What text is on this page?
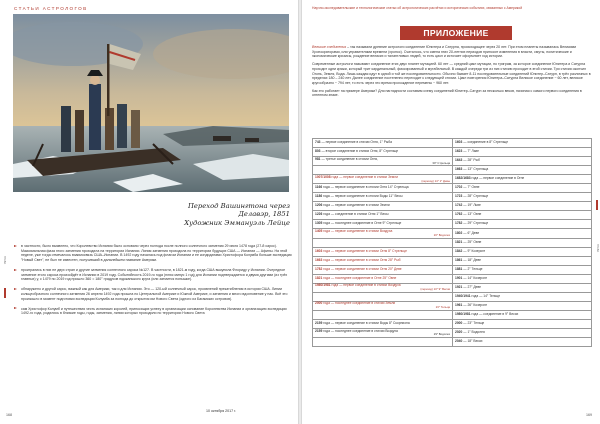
СТАТЬИ АСТРОЛОГОВ
Переход Вашингтона через Делавэр, 1851
Художник Эммануэль Лейце
в частности, было выявлено, что Королевство Испания было основано через полгода после полного солнечного затмения 29 июля 1478 года (27-й сарос). Максимальная фаза этого затмения проходила на территории Испании. Линия затмения проходила по территории будущих США — Испании — Афины. На этой неделе, уже тогда отмечалось взаимосвязь США–Испании. В 1492 году началась под флагом Испании и ее кондидатами Христофора Колумба больше экспедиция "Новый Свет", не был не известен, получивший в дальнейшем название Америки.
проигрались в них не двух стран и другие затмения солнечного сароса №127. В частности, в 1821-м году, когда США выкупила Флориду у Испании. Очередное затмение этого сароса произойдёт в Испании в 2019 году. Событийность 2019-го года (плюс минус 1 год) для Испании подтверждается и двумя другими (из трёх главных) у, с 1479 по 2019 год прошло 360 = 180° градусов юдоканыкого круга (или затмится попышке).
обнаружено и другой сарос, важный как для Америки, так и для Испании. Это — 120-ый солнечный сарос, проявлений прекатибления в истории США. Линии кольцеобразного солнечного затмения 26 апреля 1492 года прошла по Центральной Америке и Южной Америке, и затмения и много вдохновение у нас. Всё это произошло в момент подготовки экспедиции Колумба за полгода до открытия им Нового Света (одного из Багамских островов).
сам Христофор Колумб и путешествия честь испанских королей, приносящих успеху в организации основание Королевства Испании и организацию экспедиции 1492-го года, родились в близкие годы, годы, затмения, линии которых проходили по территории Нового Света
ГЛАВА
10 октября 2017 г.
168
Научно-исследовательские и технологические статьи об астрологических расчётах и исторических событиях, связанных с Америкой
ПРИЛОЖЕНИЕ
Великие соединения – так называли древние астрологи соединение Юпитера и Сатурна, происходящее через 20 лет. При этом планеты называлась Великими Хронократорами, или управителями времени (хронос). Считалось, что смена этих 20-летних периодов приносит изменения в власти, смуты, политические и экономические кризисы, рождение великих и талантливых людей, то есть цикл и источает оформляет ход истории.
Современные астрологи называют соединение этих двух планет мутацией. 60 лет — средний цикл мутации, по триграм, за которое соединение Юпитера и Сатурна проходит одни кряжи, который трит кардинальный, фиксированный и мутабельный. В каждой очереди три из них стихию проходит в этой стихии. Три стихия окончил Огонь, Земля, Вода. Лишь каждая идут в одной и той же последовательности. Обычно бывает 8-11 последовательные соединений Юпитер–Сатурн, в трёх различных в пределах 180 – 240 лет. Далее соединение постепенно переходит к следующей стихии. Цикл повторения Юпитера–Сатурна Великое соединение ~ 60 лет, великое кругообразно ~ 794 лет, то есть через это время прохождение перемены ~ 960 лет.
Как это работает на примере Америки? Для наглядности составим схему соединений Юпитер–Сатурн за несколько веков, начиная с самого первого соединения в огненном знаке.
743 — первое соединение в стихии Огня, 1° Рыба	1603 — соединение в 8° Стрельце
803 — второе соединение в стихии Огня, 8° Стрельце	1623 — 7° Льве
981 — третье соединение в стихии Огня,
30° Стрельца	1643 — 28° Рыб
	1663 — 13° Стрельца
1007/1008 года — первое соединение в стихии Земли
(переход) 14° 1° Девы	1682/1683 года — первое соединение в Огне
1166 года — первое соединение в стихии Огня 14° Стрельца	1702 — 7° Овне
1186 года — первое соединение в стихии Воды 11° Весы	1723 — 28° Стрельце
1206 года — первое соединение в стихии Земли	1742 — 19° Льве
1226 года — соединение в стихии Огня 1° Весы	1762 — 13° Овне
1305 года — последнее соединение в Огне 9° Стрельце	1782 — 29° Стрельце
1405 года — первое соединение в стихии Воздуха
20° Водолея	1802 — 6° Деве
	1821 — 25° Овне
1603 года — первое соединение в стихии Огня 8° Стрельце	1842 — 9° Козероге
1663 года — первое соединение в стихии Огня 28° Рыб	1861 — 18° Деве
1782 года — первое соединение в стихии Огня 20° Деве	1881 — 2° Тельце
1821 года — последнее соединение в Огне 25° Овне	1901 — 14° Козероге
1980/1981 года — первое соединение в стихии Воздуха
(переход) 10° 9° Весов	1921 — 27° Деве
	1940/1941 года — 14° Тельце
2000 года — последнее соединение в стихии Земли
23° Тельца	1961 — 26° Козероге
	1980/1981 года — соединение в 9° Весах
2159 года — первое соединение в стихии Воды 8° Скорпиона	2000 — 23° Тельце
2159 года — последнее соединение в стихии Воздуха
29° Водолея	2020 — 1° Водолея
	2040 — 18° Весах
ГЛАВА
169
